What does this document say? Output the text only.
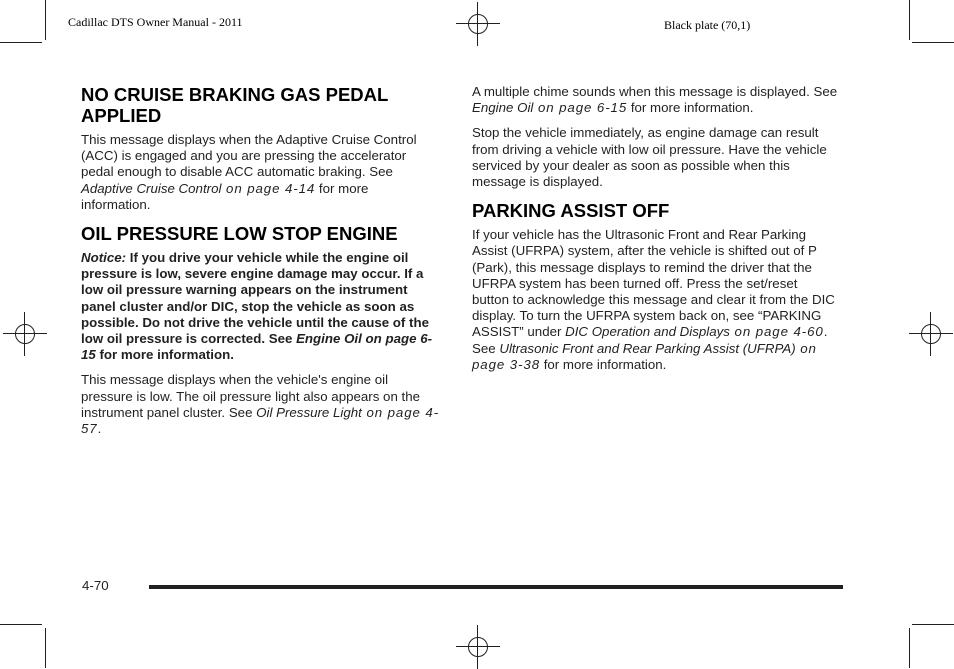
Cadillac DTS Owner Manual - 2011	Black plate (70,1)
NO CRUISE BRAKING GAS PEDAL APPLIED

This message displays when the Adaptive Cruise Control (ACC) is engaged and you are pressing the accelerator pedal enough to disable ACC automatic braking. See Adaptive Cruise Control on page 4-14 for more information.

OIL PRESSURE LOW STOP ENGINE

Notice: If you drive your vehicle while the engine oil pressure is low, severe engine damage may occur. If a low oil pressure warning appears on the instrument panel cluster and/or DIC, stop the vehicle as soon as possible. Do not drive the vehicle until the cause of the low oil pressure is corrected. See Engine Oil on page 6-15 for more information.

This message displays when the vehicle's engine oil pressure is low. The oil pressure light also appears on the instrument panel cluster. See Oil Pressure Light on page 4-57.

A multiple chime sounds when this message is displayed. See Engine Oil on page 6-15 for more information.

Stop the vehicle immediately, as engine damage can result from driving a vehicle with low oil pressure. Have the vehicle serviced by your dealer as soon as possible when this message is displayed.

PARKING ASSIST OFF

If your vehicle has the Ultrasonic Front and Rear Parking Assist (UFRPA) system, after the vehicle is shifted out of P (Park), this message displays to remind the driver that the UFRPA system has been turned off. Press the set/reset button to acknowledge this message and clear it from the DIC display. To turn the UFRPA system back on, see “PARKING ASSIST” under DIC Operation and Displays on page 4-60. See Ultrasonic Front and Rear Parking Assist (UFRPA) on page 3-38 for more information.

4-70
